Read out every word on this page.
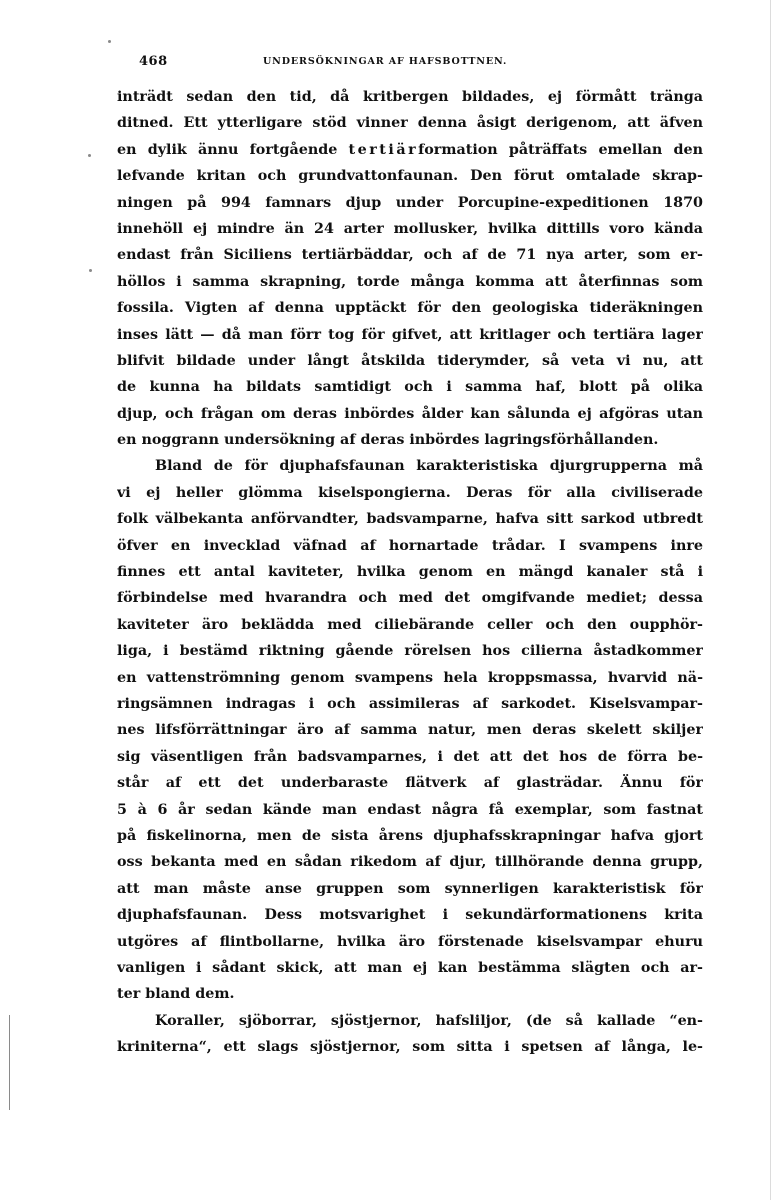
468	UNDERSÖKNINGAR AF HAFSBOTTNEN.
inträdt sedan den tid, då kritbergen bildades, ej förmått tränga
ditned. Ett ytterligare stöd vinner denna åsigt derigenom, att äfven
en dylik ännu fortgående tertiärformation påträffats emellan den
lefvande kritan och grundvattonfaunan. Den förut omtalade skrap-
ningen på 994 famnars djup under Porcupine-expeditionen 1870
innehöll ej mindre än 24 arter mollusker, hvilka dittills voro kända
endast från Siciliens tertiärbäddar, och af de 71 nya arter, som er-
höllos i samma skrapning, torde många komma att återfinnas som
fossila. Vigten af denna upptäckt för den geologiska tideräkningen
inses lätt — då man förr tog för gifvet, att kritlager och tertiära lager
blifvit bildade under långt åtskilda tiderymder, så veta vi nu, att
de kunna ha bildats samtidigt och i samma haf, blott på olika
djup, och frågan om deras inbördes ålder kan sålunda ej afgöras utan
en noggrann undersökning af deras inbördes lagringsförhållanden.
Bland de för djuphafsfaunan karakteristiska djurgrupperna må
vi ej heller glömma kiselspongierna. Deras för alla civiliserade
folk välbekanta anförvandter, badsvamparne, hafva sitt sarkod utbredt
öfver en invecklad väfnad af hornartade trådar. I svampens inre
finnes ett antal kaviteter, hvilka genom en mängd kanaler stå i
förbindelse med hvarandra och med det omgifvande mediet; dessa
kaviteter äro beklädda med ciliebärande celler och den oupphör-
liga, i bestämd riktning gående rörelsen hos cilierna åstadkommer
en vattenströmning genom svampens hela kroppsmassa, hvarvid nä-
ringsämnen indragas i och assimileras af sarkodet. Kiselsvampar-
nes lifsförrättningar äro af samma natur, men deras skelett skiljer
sig väsentligen från badsvamparnes, i det att det hos de förra be-
står af ett det underbaraste flätverk af glasträdar. Ännu för
5 à 6 år sedan kände man endast några få exemplar, som fastnat
på fiskelinorna, men de sista årens djuphafsskrapningar hafva gjort
oss bekanta med en sådan rikedom af djur, tillhörande denna grupp,
att man måste anse gruppen som synnerligen karakteristisk för
djuphafsfaunan. Dess motsvarighet i sekundärformationens krita
utgöres af flintbollarne, hvilka äro förstenade kiselsvampar ehuru
vanligen i sådant skick, att man ej kan bestämma slägten och ar-
ter bland dem.
Koraller, sjöborrar, sjöstjernor, hafsliljor, (de så kallade “en-
kriniterna“, ett slags sjöstjernor, som sitta i spetsen af långa, le-
